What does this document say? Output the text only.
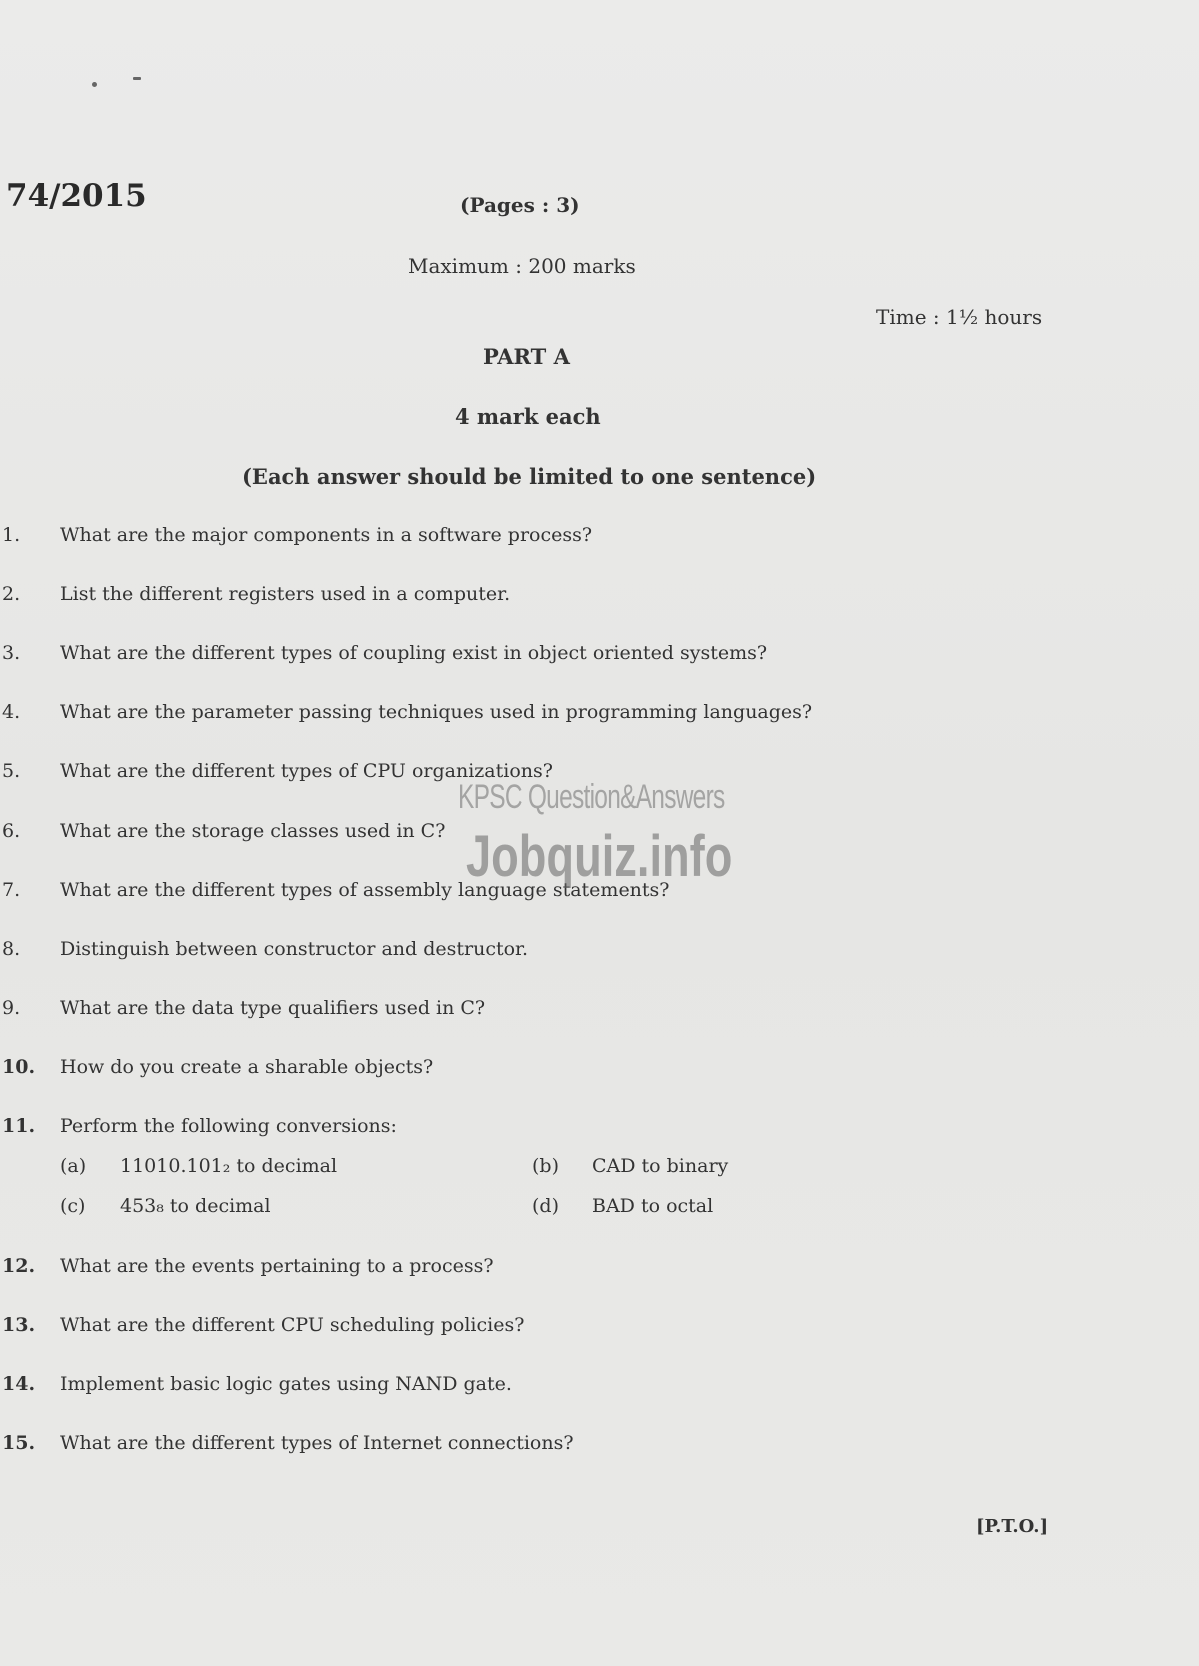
74/2015	(Pages : 3)
Maximum : 200 marks
Time : 1½ hours
PART A
4 mark each
(Each answer should be limited to one sentence)
1. What are the major components in a software process?
2. List the different registers used in a computer.
3. What are the different types of coupling exist in object oriented systems?
4. What are the parameter passing techniques used in programming languages?
5. What are the different types of CPU organizations?
6. What are the storage classes used in C?
7. What are the different types of assembly language statements?
8. Distinguish between constructor and destructor.
9. What are the data type qualifiers used in C?
10. How do you create a sharable objects?
11. Perform the following conversions:
(a) 11010.101₂ to decimal	(b) CAD to binary
(c) 453₈ to decimal	(d) BAD to octal
12. What are the events pertaining to a process?
13. What are the different CPU scheduling policies?
14. Implement basic logic gates using NAND gate.
15. What are the different types of Internet connections?
KPSC Question&Answers
Jobquiz.info
[P.T.O.]
